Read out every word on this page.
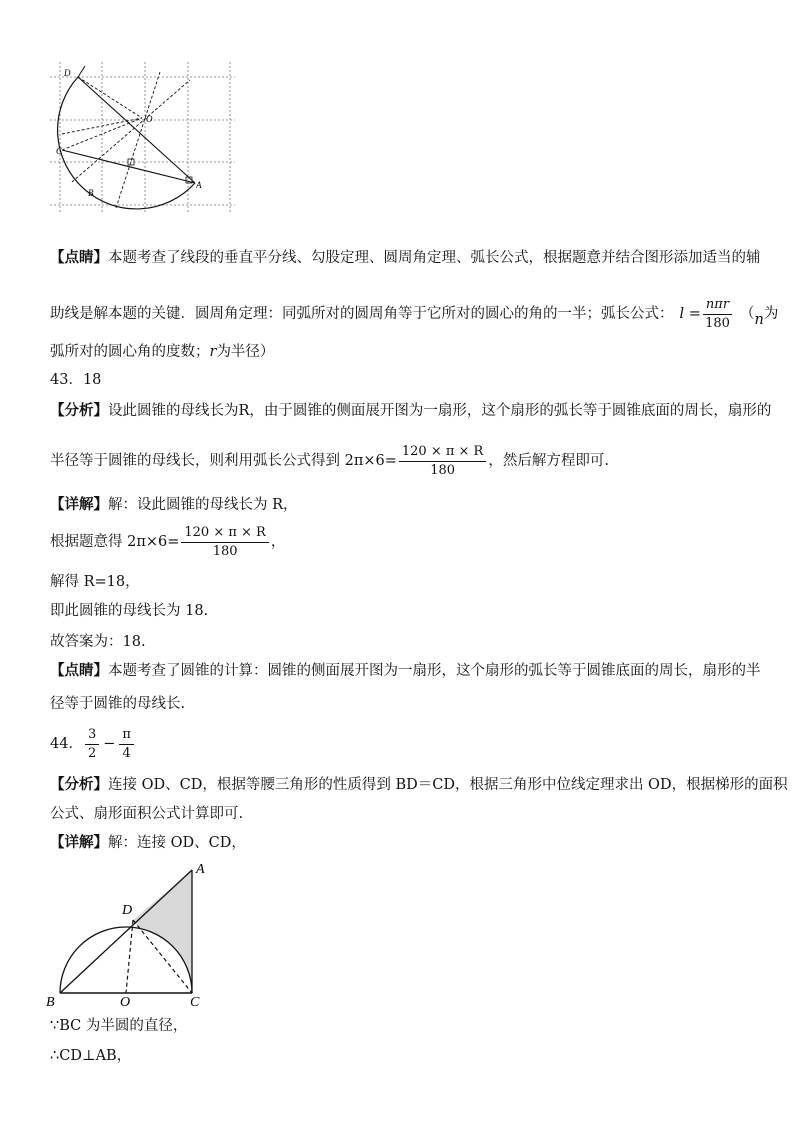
D
O
C
B
A
【点睛】本题考查了线段的垂直平分线、勾股定理、圆周角定理、弧长公式，根据题意并结合图形添加适当的辅
助线是解本题的关键．圆周角定理：同弧所对的圆周角等于它所对的圆心的角的一半；弧长公式： $l = \frac{\text{nπr}}{180}$ （ n 为
弧所对的圆心角的度数；r为半径）
43．18
【分析】设此圆锥的母线长为R，由于圆锥的侧面展开图为一扇形，这个扇形的弧长等于圆锥底面的周长，扇形的
半径等于圆锥的母线长，则利用弧长公式得到 $2\pi\times 6= \frac{120 \times \pi \times R}{180}$ ，然后解方程即可.
【详解】解：设此圆锥的母线长为 R，
根据题意得 $2\pi\times 6= \frac{120 \times \pi \times R}{180}$ ，
解得 R=18，
即此圆锥的母线长为 18.
故答案为：18.
【点睛】本题考查了圆锥的计算：圆锥的侧面展开图为一扇形，这个扇形的弧长等于圆锥底面的周长，扇形的半
径等于圆锥的母线长.
44． $\frac{3}{2} - \frac{\pi}{4}$
【分析】连接 OD、CD，根据等腰三角形的性质得到 BD＝CD，根据三角形中位线定理求出 OD，根据梯形的面积
公式、扇形面积公式计算即可.
【详解】解：连接 OD、CD，
A
D
B	O	C
∵BC 为半圆的直径，
∴CD⊥AB，
